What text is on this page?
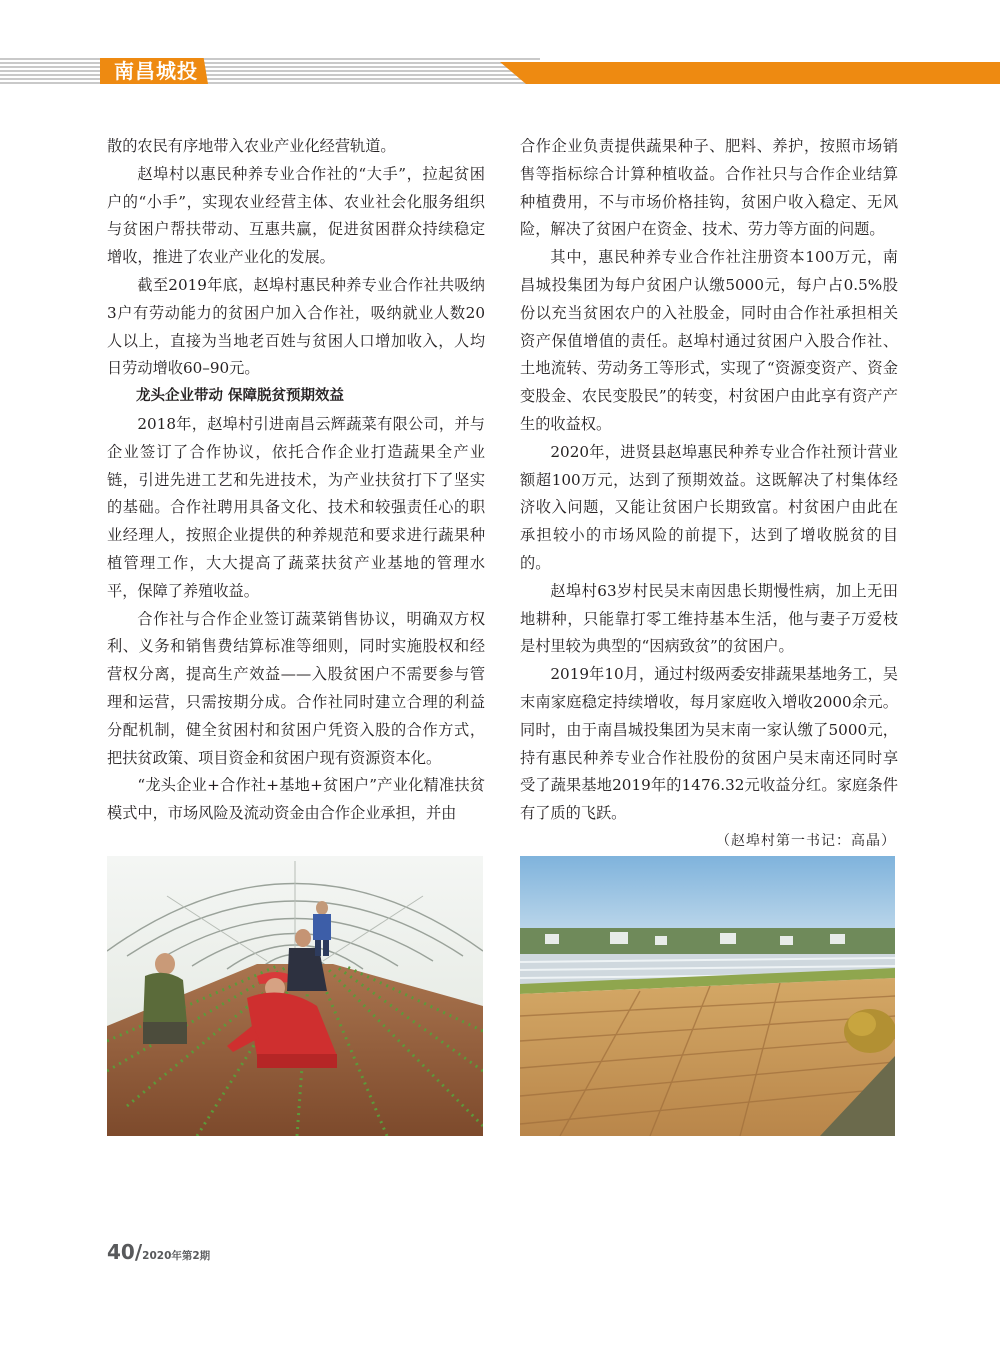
南昌城投

散的农民有序地带入农业产业化经营轨道。

赵埠村以惠民种养专业合作社的“大手”，拉起贫困户的“小手”，实现农业经营主体、农业社会化服务组织与贫困户帮扶带动、互惠共赢，促进贫困群众持续稳定增收，推进了农业产业化的发展。

截至2019年底，赵埠村惠民种养专业合作社共吸纳3户有劳动能力的贫困户加入合作社，吸纳就业人数20人以上，直接为当地老百姓与贫困人口增加收入，人均日劳动增收60–90元。

龙头企业带动 保障脱贫预期效益

2018年，赵埠村引进南昌云辉蔬菜有限公司，并与企业签订了合作协议，依托合作企业打造蔬果全产业链，引进先进工艺和先进技术，为产业扶贫打下了坚实的基础。合作社聘用具备文化、技术和较强责任心的职业经理人，按照企业提供的种养规范和要求进行蔬果种植管理工作，大大提高了蔬菜扶贫产业基地的管理水平，保障了养殖收益。

合作社与合作企业签订蔬菜销售协议，明确双方权利、义务和销售费结算标准等细则，同时实施股权和经营权分离，提高生产效益——入股贫困户不需要参与管理和运营，只需按期分成。合作社同时建立合理的利益分配机制，健全贫困村和贫困户凭资入股的合作方式，把扶贫政策、项目资金和贫困户现有资源资本化。

“龙头企业+合作社+基地+贫困户”产业化精准扶贫模式中，市场风险及流动资金由合作企业承担，并由

合作企业负责提供蔬果种子、肥料、养护，按照市场销售等指标综合计算种植收益。合作社只与合作企业结算种植费用，不与市场价格挂钩，贫困户收入稳定、无风险，解决了贫困户在资金、技术、劳力等方面的问题。

其中，惠民种养专业合作社注册资本100万元，南昌城投集团为每户贫困户认缴5000元，每户占0.5%股份以充当贫困农户的入社股金，同时由合作社承担相关资产保值增值的责任。赵埠村通过贫困户入股合作社、土地流转、劳动务工等形式，实现了“资源变资产、资金变股金、农民变股民”的转变，村贫困户由此享有资产产生的收益权。

2020年，进贤县赵埠惠民种养专业合作社预计营业额超100万元，达到了预期效益。这既解决了村集体经济收入问题，又能让贫困户长期致富。村贫困户由此在承担较小的市场风险的前提下，达到了增收脱贫的目的。

赵埠村63岁村民吴末南因患长期慢性病，加上无田地耕种，只能靠打零工维持基本生活，他与妻子万爱枝是村里较为典型的“因病致贫”的贫困户。

2019年10月，通过村级两委安排蔬果基地务工，吴末南家庭稳定持续增收，每月家庭收入增收2000余元。同时，由于南昌城投集团为吴末南一家认缴了5000元，持有惠民种养专业合作社股份的贫困户吴末南还同时享受了蔬果基地2019年的1476.32元收益分红。家庭条件有了质的飞跃。

（赵埠村第一书记：高晶）

40/2020年第2期
